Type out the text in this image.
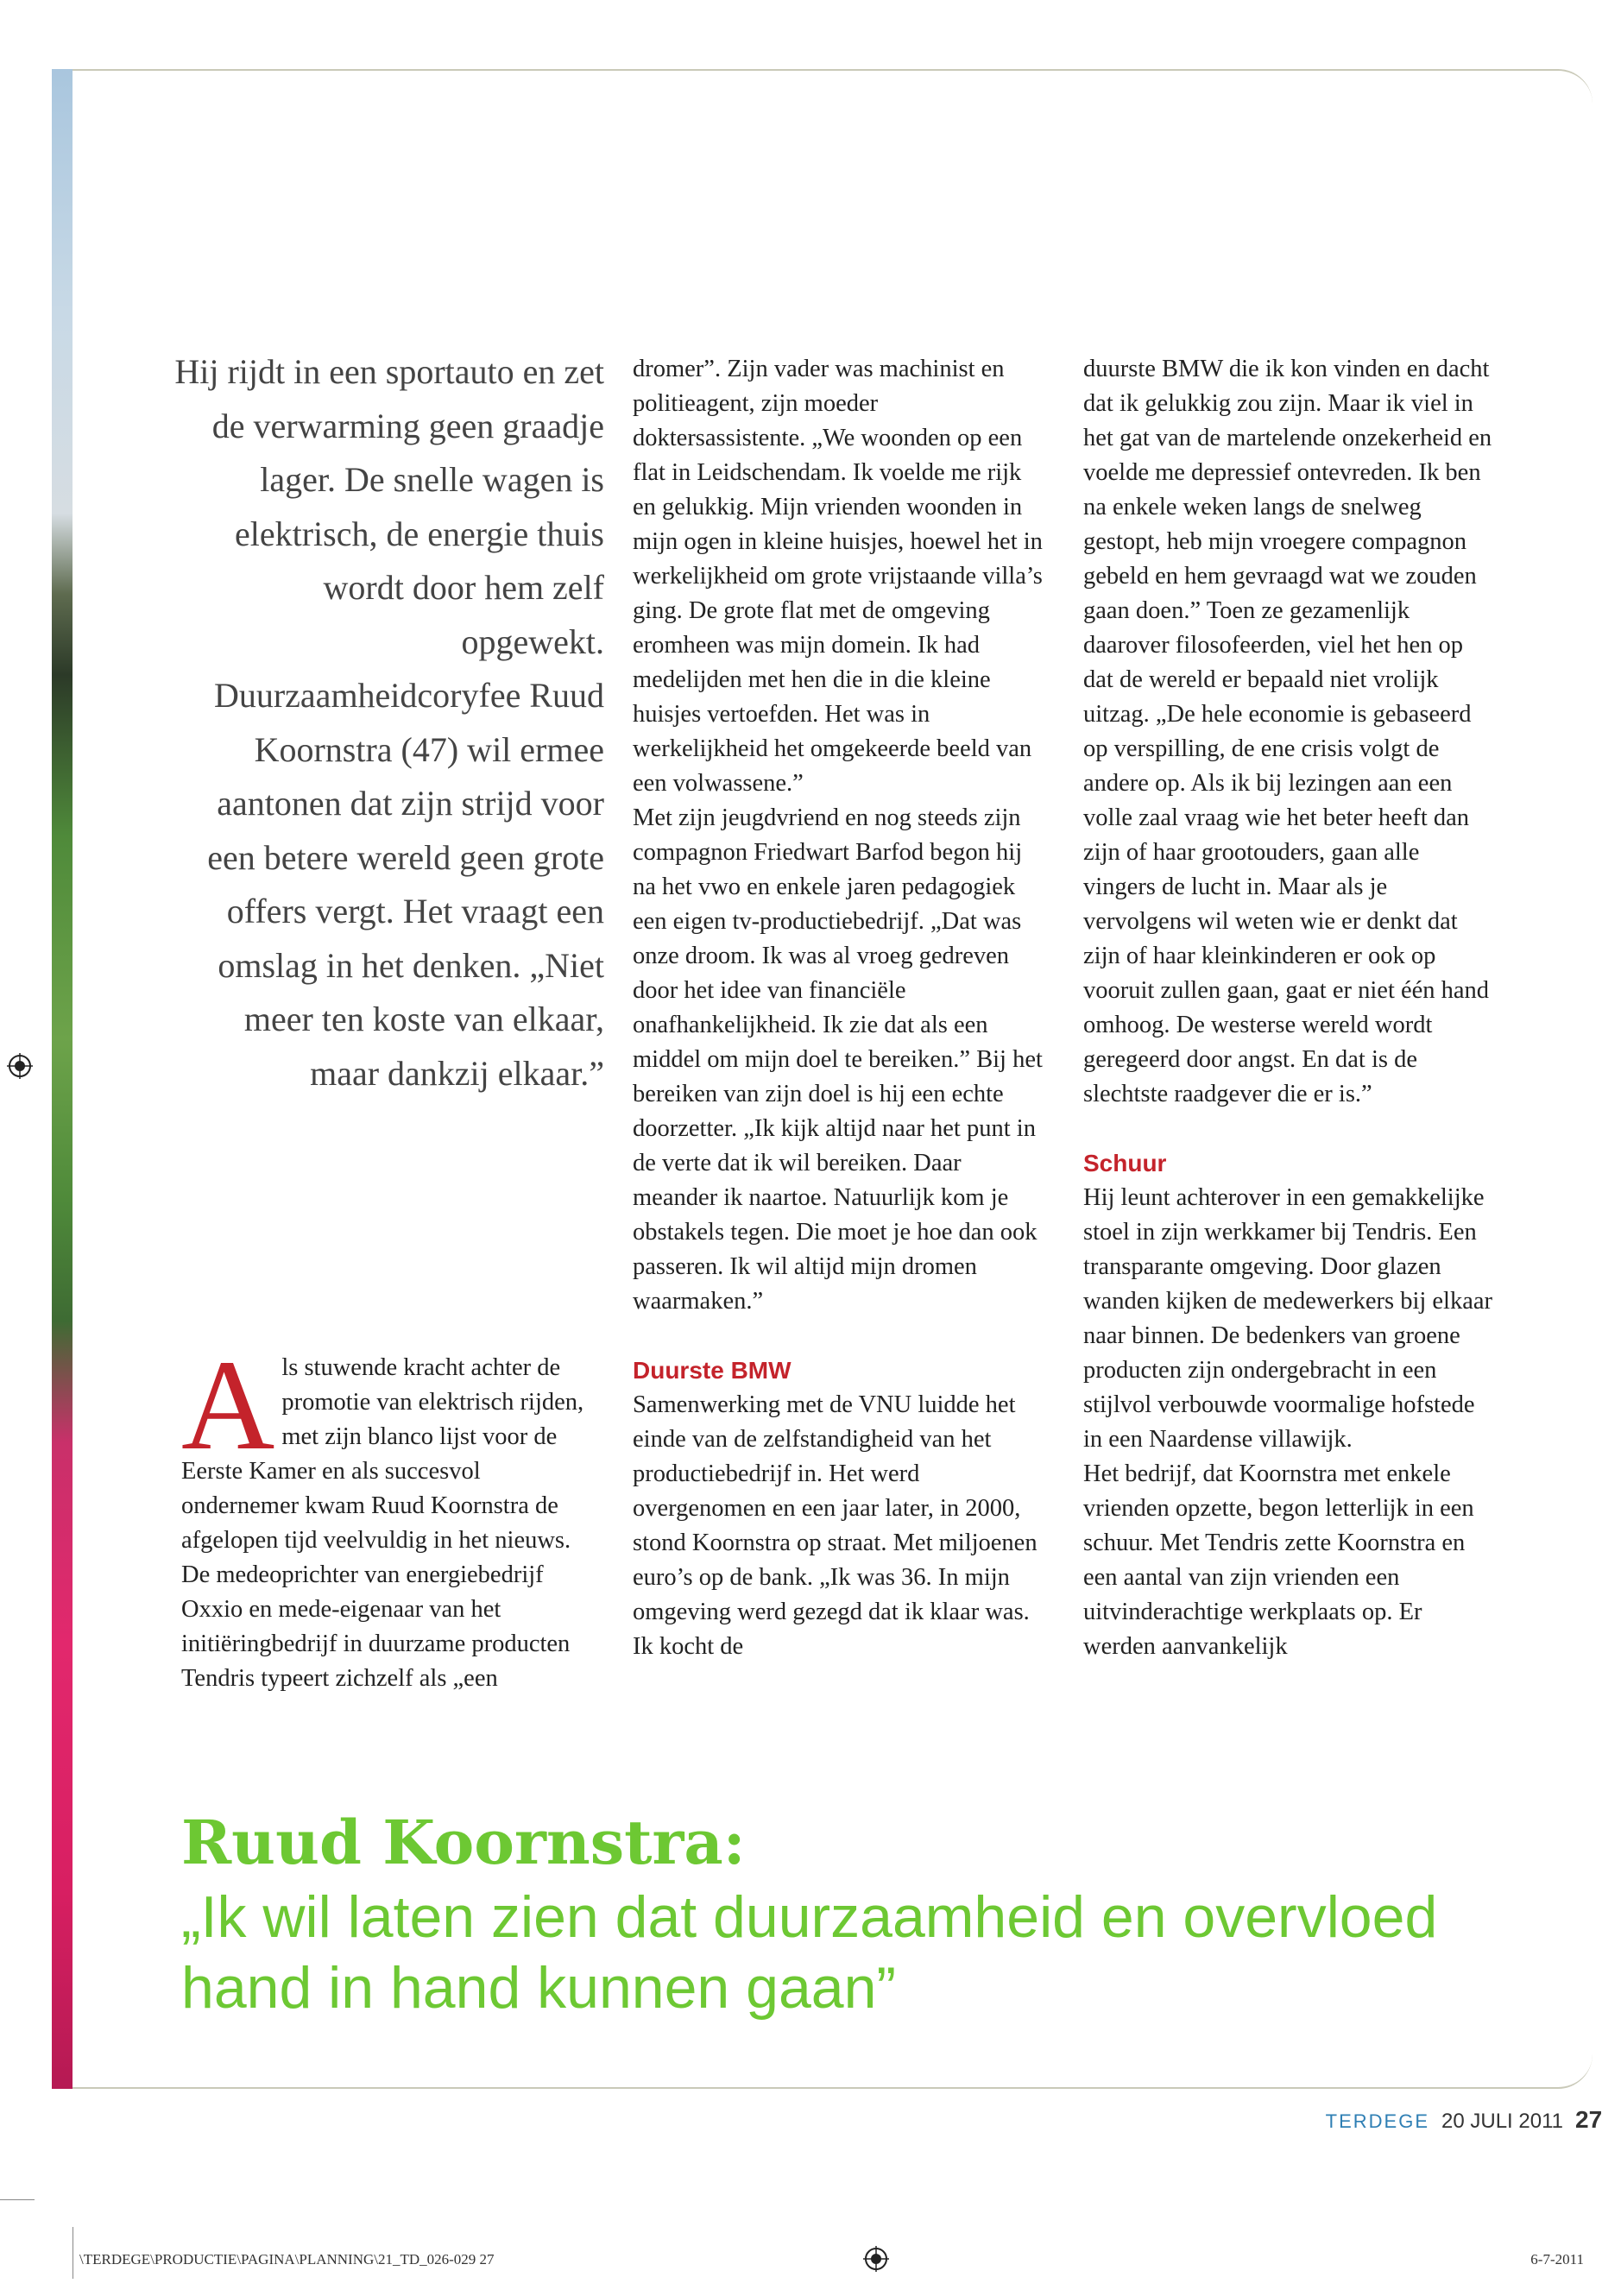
Hij rijdt in een sportauto en zet de verwarming geen graadje lager. De snelle wagen is elektrisch, de energie thuis wordt door hem zelf opgewekt. Duurzaamheidcoryfee Ruud Koornstra (47) wil ermee aantonen dat zijn strijd voor een betere wereld geen grote offers vergt. Het vraagt een omslag in het denken. „Niet meer ten koste van elkaar, maar dankzij elkaar.”

Als stuwende kracht achter de promotie van elektrisch rijden, met zijn blanco lijst voor de Eerste Kamer en als succesvol ondernemer kwam Ruud Koornstra de afgelopen tijd veelvuldig in het nieuws.

De medeoprichter van energiebedrijf Oxxio en mede-eigenaar van het initiëringbedrijf in duurzame producten Tendris typeert zichzelf als „een

dromer”. Zijn vader was machinist en politieagent, zijn moeder doktersassistente. „We woonden op een flat in Leidschendam. Ik voelde me rijk en gelukkig. Mijn vrienden woonden in mijn ogen in kleine huisjes, hoewel het in werkelijkheid om grote vrijstaande villa’s ging. De grote flat met de omgeving eromheen was mijn domein. Ik had medelijden met hen die in die kleine huisjes vertoefden. Het was in werkelijkheid het omgekeerde beeld van een volwassene.”

Met zijn jeugdvriend en nog steeds zijn compagnon Friedwart Barfod begon hij na het vwo en enkele jaren pedagogiek een eigen tv-productiebedrijf. „Dat was onze droom. Ik was al vroeg gedreven door het idee van financiële onafhankelijkheid. Ik zie dat als een middel om mijn doel te bereiken.” Bij het bereiken van zijn doel is hij een echte doorzetter. „Ik kijk altijd naar het punt in de verte dat ik wil bereiken. Daar meander ik naartoe. Natuurlijk kom je obstakels tegen. Die moet je hoe dan ook passeren. Ik wil altijd mijn dromen waarmaken.”

Duurste BMW

Samenwerking met de VNU luidde het einde van de zelfstandigheid van het productiebedrijf in. Het werd overgenomen en een jaar later, in 2000, stond Koornstra op straat. Met miljoenen euro’s op de bank. „Ik was 36. In mijn omgeving werd gezegd dat ik klaar was. Ik kocht de

duurste BMW die ik kon vinden en dacht dat ik gelukkig zou zijn. Maar ik viel in het gat van de martelende onzekerheid en voelde me depressief ontevreden. Ik ben na enkele weken langs de snelweg gestopt, heb mijn vroegere compagnon gebeld en hem gevraagd wat we zouden gaan doen.” Toen ze gezamenlijk daarover filosofeerden, viel het hen op dat de wereld er bepaald niet vrolijk uitzag. „De hele economie is gebaseerd op verspilling, de ene crisis volgt de andere op. Als ik bij lezingen aan een volle zaal vraag wie het beter heeft dan zijn of haar grootouders, gaan alle vingers de lucht in. Maar als je vervolgens wil weten wie er denkt dat zijn of haar kleinkinderen er ook op vooruit zullen gaan, gaat er niet één hand omhoog. De westerse wereld wordt geregeerd door angst. En dat is de slechtste raadgever die er is.”

Schuur

Hij leunt achterover in een gemakkelijke stoel in zijn werkkamer bij Tendris. Een transparante omgeving. Door glazen wanden kijken de medewerkers bij elkaar naar binnen. De bedenkers van groene producten zijn ondergebracht in een stijlvol verbouwde voormalige hofstede in een Naardense villawijk.

Het bedrijf, dat Koornstra met enkele vrienden opzette, begon letterlijk in een schuur. Met Tendris zette Koornstra en een aantal van zijn vrienden een uitvinderachtige werkplaats op. Er werden aanvankelijk

Ruud Koornstra:
„Ik wil laten zien dat duurzaamheid en overvloed hand in hand kunnen gaan”
TERDEGE 20 JULI 2011 27
\TERDEGE\PRODUCTIE\PAGINA\PLANNING\21_TD_026-029 27	6-7-2011
